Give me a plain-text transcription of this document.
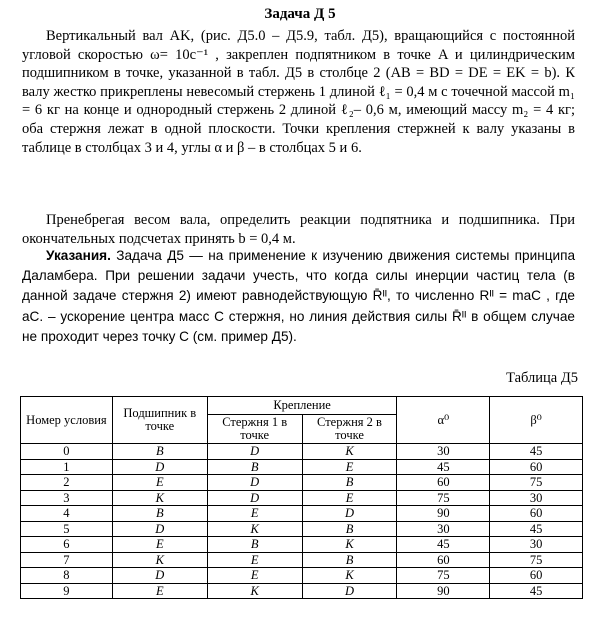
Задача Д 5

Вертикальный вал AK, (рис. Д5.0 – Д5.9, табл. Д5), вращающийся с постоянной угловой скоростью ω= 10с⁻¹ , закреплен подпятником в точке A и цилиндрическим подшипником в точке, указанной в табл. Д5 в столбце 2 (AB = BD = DE = EK = b). К валу жестко прикреплены невесомый стержень 1 длиной ℓ₁ = 0,4 м с точечной массой m₁ = 6 кг на конце и однородный стержень 2 длиной ℓ₂– 0,6 м, имеющий массу m₂ = 4 кг; оба стержня лежат в одной плоскости. Точки крепления стержней к валу указаны в таблице в столбцах 3 и 4, углы α и β – в столбцах 5 и 6.

Пренебрегая весом вала, определить реакции подпятника и подшипника. При окончательных подсчетах принять b = 0,4 м.

Указания. Задача Д5 — на применение к изучению движения системы принципа Даламбера. При решении задачи учесть, что когда силы инерции частиц тела (в данной задаче стержня 2) имеют равнодействующую R̄ᴵᴵ, то численно Rᴵᴵ = maC , где aC. – ускорение центра масс C стержня, но линия действия силы R̄ᴵᴵ в общем случае не проходит через точку C (см. пример Д5).

Таблица Д5
Номер условия	Подшипник в точке	Крепление		α⁰	β⁰
		Стержня 1 в точке	Стержня 2 в точке		
0	B	D	K	30	45
1	D	B	E	45	60
2	E	D	B	60	75
3	K	D	E	75	30
4	B	E	D	90	60
5	D	K	B	30	45
6	E	B	K	45	30
7	K	E	B	60	75
8	D	E	K	75	60
9	E	K	D	90	45
